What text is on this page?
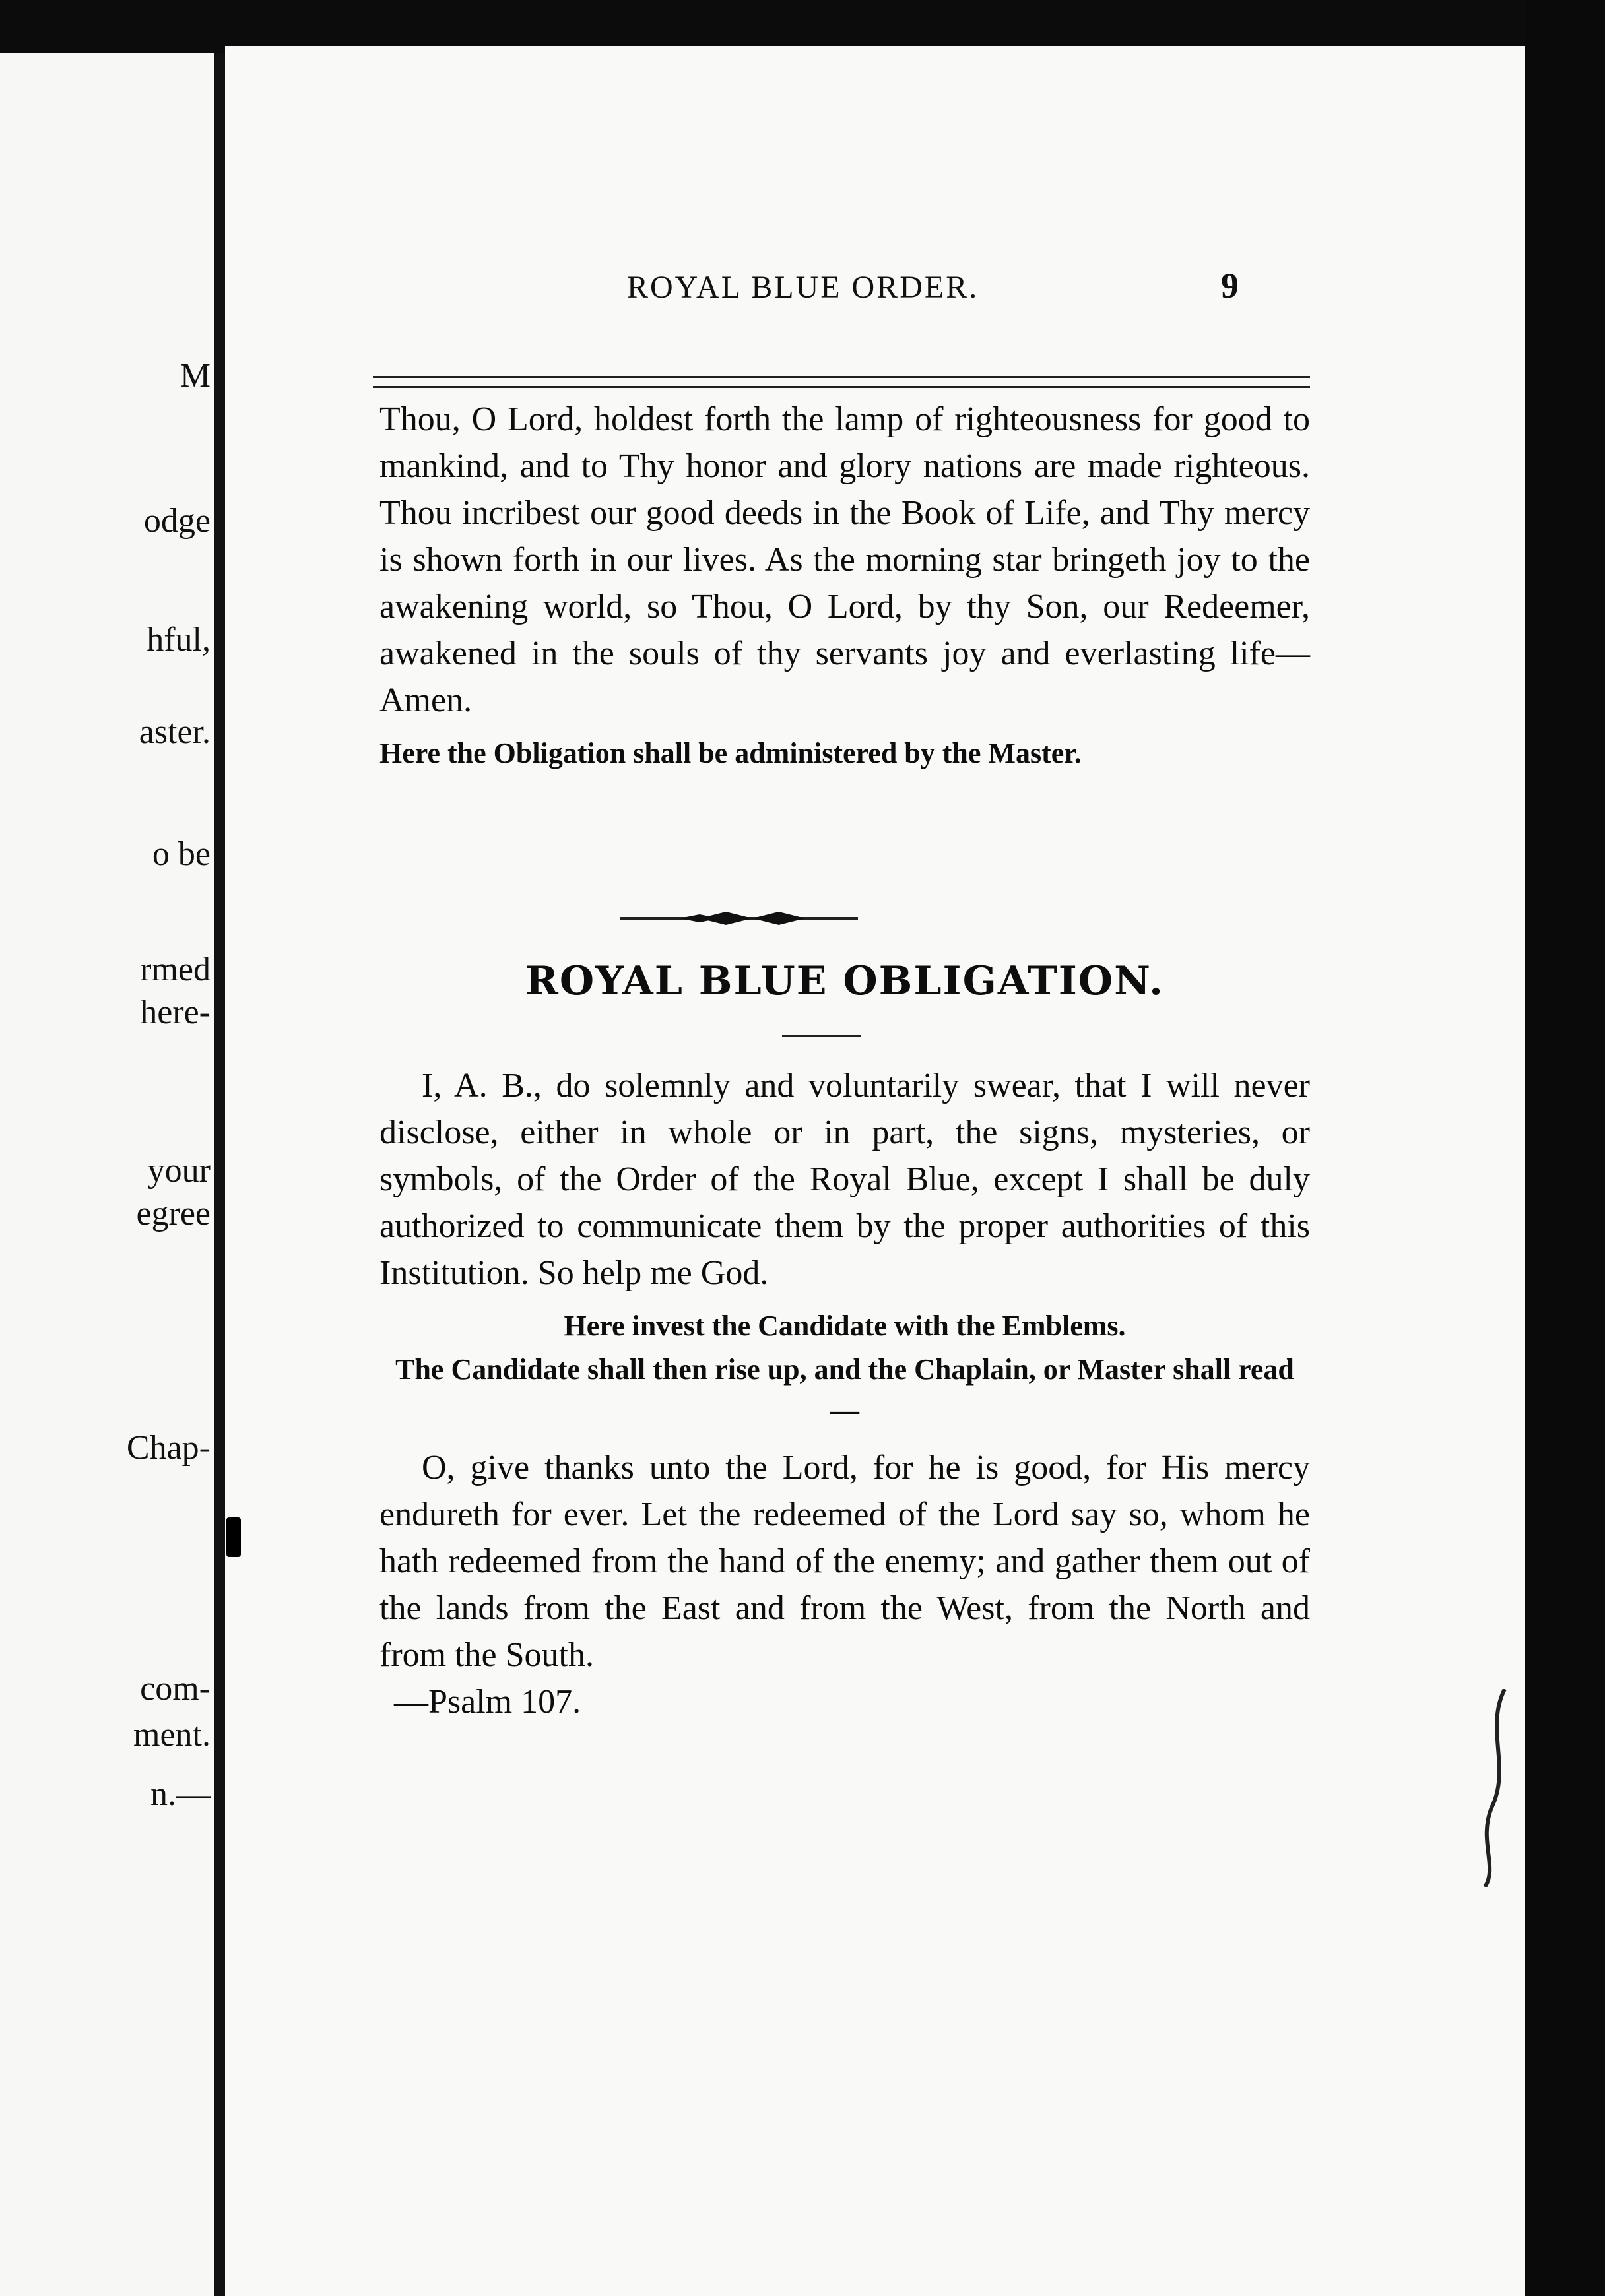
M
odge
hful,
aster.
o be
rmed
here-
your
egree
Chap-
com-
ment.
n.—
ROYAL BLUE ORDER.	9

Thou, O Lord, holdest forth the lamp of righteousness for good to mankind, and to Thy honor and glory nations are made righteous. Thou incribest our good deeds in the Book of Life, and Thy mercy is shown forth in our lives. As the morning star bringeth joy to the awakening world, so Thou, O Lord, by thy Son, our Redeemer, awakened in the souls of thy servants joy and everlasting life—Amen.

Here the Obligation shall be administered by the Master.

ROYAL BLUE OBLIGATION.

I, A. B., do solemnly and voluntarily swear, that I will never disclose, either in whole or in part, the signs, mysteries, or symbols, of the Order of the Royal Blue, except I shall be duly authorized to communicate them by the proper authorities of this Institution. So help me God.

Here invest the Candidate with the Emblems.

The Candidate shall then rise up, and the Chaplain, or Master shall read—

O, give thanks unto the Lord, for he is good, for His mercy endureth for ever. Let the redeemed of the Lord say so, whom he hath redeemed from the hand of the enemy; and gather them out of the lands from the East and from the West, from the North and from the South.

—Psalm 107.
